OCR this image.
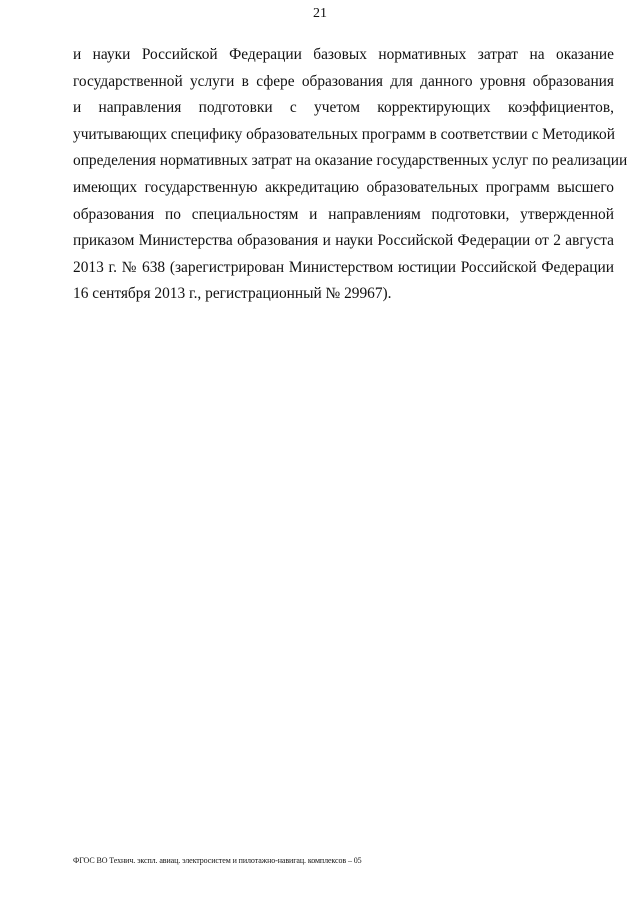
21

и науки Российской Федерации базовых нормативных затрат на оказание
государственной услуги в сфере образования для данного уровня образования
и направления подготовки с учетом корректирующих коэффициентов,
учитывающих специфику образовательных программ в соответствии с Методикой
определения нормативных затрат на оказание государственных услуг по реализации
имеющих государственную аккредитацию образовательных программ высшего
образования по специальностям и направлениям подготовки, утвержденной
приказом Министерства образования и науки Российской Федерации от 2 августа
2013 г. № 638 (зарегистрирован Министерством юстиции Российской Федерации
16 сентября 2013 г., регистрационный № 29967).

ФГОС ВО Технич. экспл. авиац. электросистем и пилотажно-навигац. комплексов – 05
